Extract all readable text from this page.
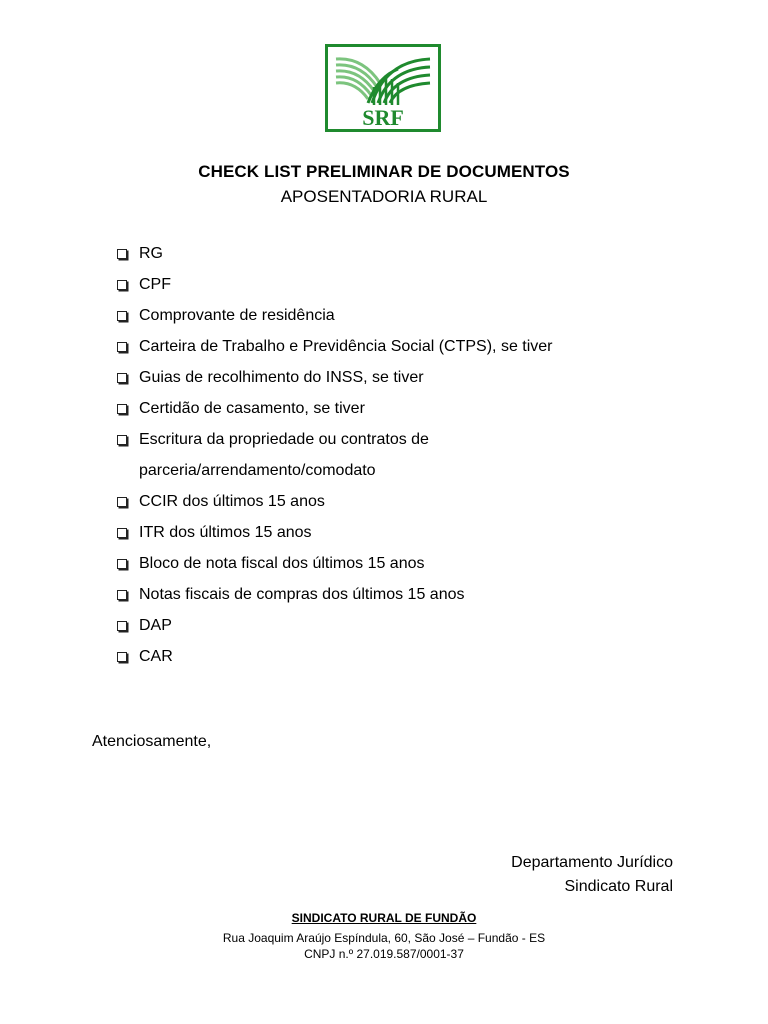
SRF
CHECK LIST PRELIMINAR DE DOCUMENTOS
APOSENTADORIA RURAL
RG
CPF
Comprovante de residência
Carteira de Trabalho e Previdência Social (CTPS), se tiver
Guias de recolhimento do INSS, se tiver
Certidão de casamento, se tiver
Escritura da propriedade ou contratos de
parceria/arrendamento/comodato
CCIR dos últimos 15 anos
ITR dos últimos 15 anos
Bloco de nota fiscal dos últimos 15 anos
Notas fiscais de compras dos últimos 15 anos
DAP
CAR
Atenciosamente,
Departamento Jurídico
Sindicato Rural
SINDICATO RURAL DE FUNDÃO
Rua Joaquim Araújo Espíndula, 60, São José – Fundão - ES
CNPJ n.º 27.019.587/0001-37
